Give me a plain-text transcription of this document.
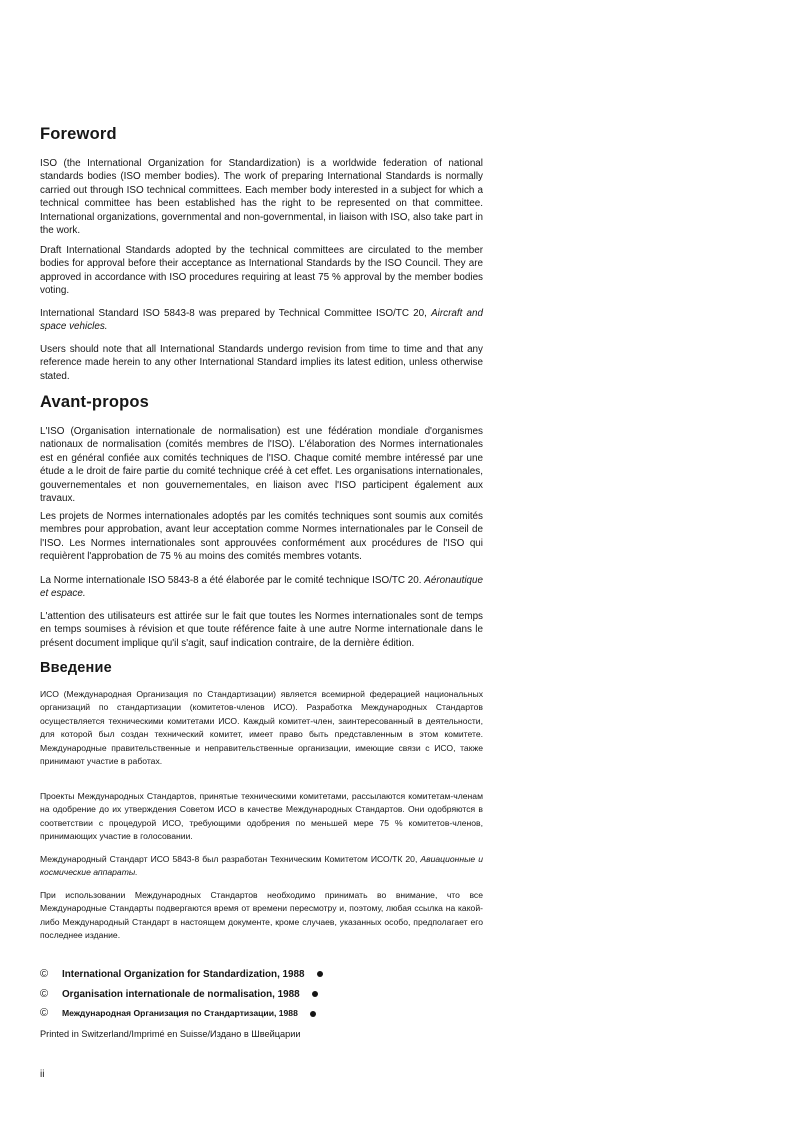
Foreword

ISO (the International Organization for Standardization) is a worldwide federation of national standards bodies (ISO member bodies). The work of preparing International Standards is normally carried out through ISO technical committees. Each member body interested in a subject for which a technical committee has been established has the right to be represented on that committee. International organizations, governmental and non-governmental, in liaison with ISO, also take part in the work.

Draft International Standards adopted by the technical committees are circulated to the member bodies for approval before their acceptance as International Standards by the ISO Council. They are approved in accordance with ISO procedures requiring at least 75 % approval by the member bodies voting.

International Standard ISO 5843-8 was prepared by Technical Committee ISO/TC 20, Aircraft and space vehicles.

Users should note that all International Standards undergo revision from time to time and that any reference made herein to any other International Standard implies its latest edition, unless otherwise stated.

Avant-propos

L'ISO (Organisation internationale de normalisation) est une fédération mondiale d'organismes nationaux de normalisation (comités membres de l'ISO). L'élaboration des Normes internationales est en général confiée aux comités techniques de l'ISO. Chaque comité membre intéressé par une étude a le droit de faire partie du comité technique créé à cet effet. Les organisations internationales, gouvernementales et non gouvernementales, en liaison avec l'ISO participent également aux travaux.

Les projets de Normes internationales adoptés par les comités techniques sont soumis aux comités membres pour approbation, avant leur acceptation comme Normes internationales par le Conseil de l'ISO. Les Normes internationales sont approuvées conformément aux procédures de l'ISO qui requièrent l'approbation de 75 % au moins des comités membres votants.

La Norme internationale ISO 5843-8 a été élaborée par le comité technique ISO/TC 20. Aéronautique et espace.

L'attention des utilisateurs est attirée sur le fait que toutes les Normes internationales sont de temps en temps soumises à révision et que toute référence faite à une autre Norme internationale dans le présent document implique qu'il s'agit, sauf indication contraire, de la dernière édition.

Введение

ИСО (Международная Организация по Стандартизации) является всемирной федерацией национальных организаций по стандартизации (комитетов-членов ИСО). Разработка Международных Стандартов осуществляется техническими комитетами ИСО. Каждый комитет-член, заинтересованный в деятельности, для которой был создан технический комитет, имеет право быть представленным в этом комитете. Международные правительственные и неправительственные организации, имеющие связи с ИСО, также принимают участие в работах.

Проекты Международных Стандартов, принятые техническими комитетами, рассылаются комитетам-членам на одобрение до их утверждения Советом ИСО в качестве Международных Стандартов. Они одобряются в соответствии с процедурой ИСО, требующими одобрения по меньшей мере 75 % комитетов-членов, принимающих участие в голосовании.

Международный Стандарт ИСО 5843-8 был разработан Техническим Комитетом ИСО/ТК 20, Авиационные и космические аппараты.

При использовании Международных Стандартов необходимо принимать во внимание, что все Международные Стандарты подвергаются время от времени пересмотру и, поэтому, любая ссылка на какой-либо Международный Стандарт в настоящем документе, кроме случаев, указанных особо, предполагает его последнее издание.

© International Organization for Standardization, 1988
© Organisation internationale de normalisation, 1988
© Международная Организация по Стандартизации, 1988
Printed in Switzerland/Imprimé en Suisse/Издано в Швейцарии
ii
